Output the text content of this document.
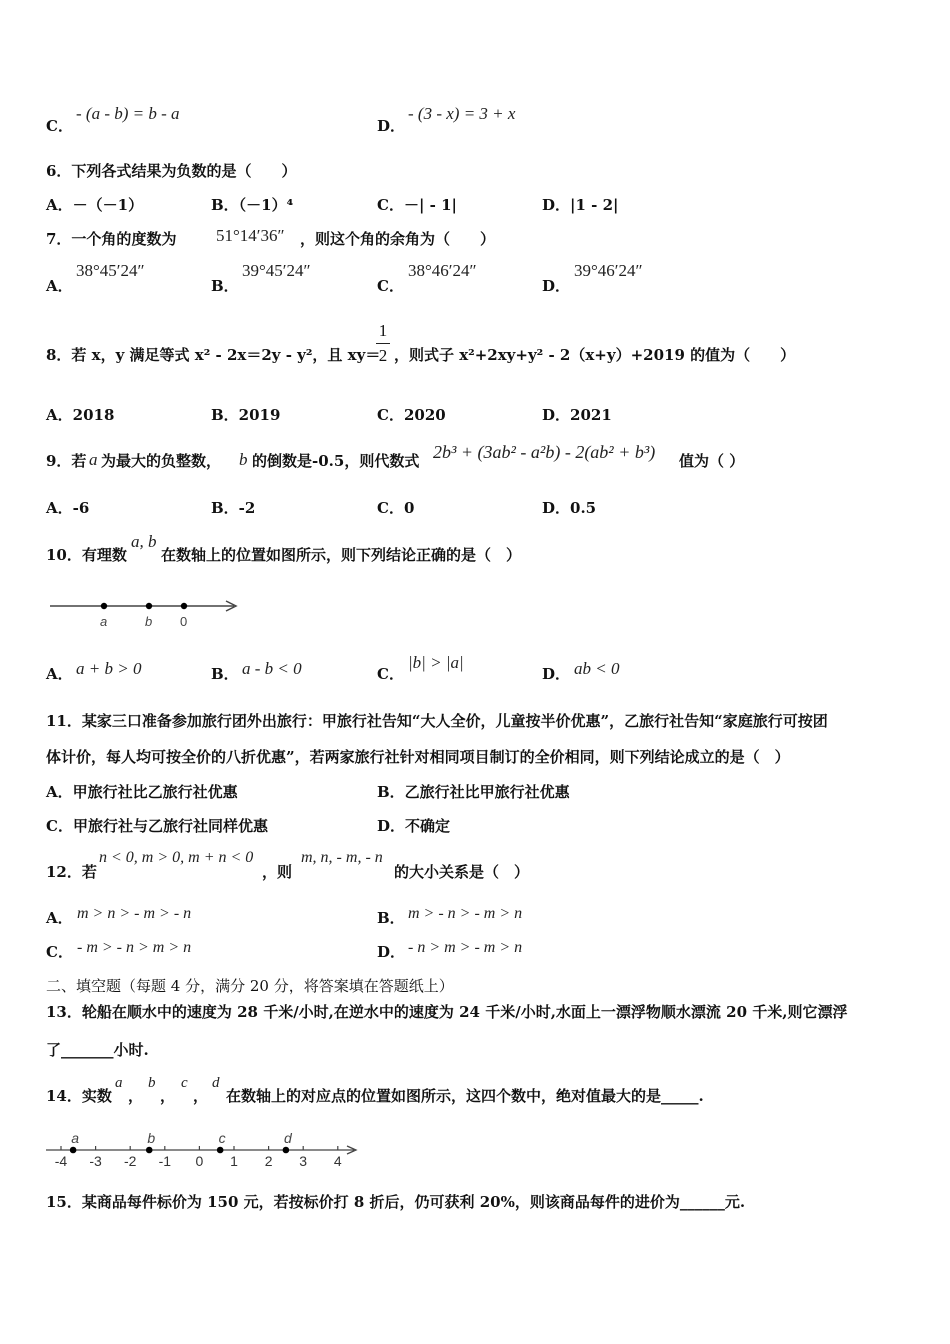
C．
- (a - b) = b - a
D．
- (3 - x) = 3 + x
6．下列各式结果为负数的是（　　）
A．－（－1）	B．（－1）⁴	C．－| - 1|	D．|1 - 2|
7．一个角的度数为 51°14′36″ ，则这个角的余角为（　　）
A．
38°45′24″
B．
39°45′24″
C．
38°46′24″
D．
39°46′24″
8．若 x，y 满足等式 x² - 2x＝2y - y²，且 xy＝
1
2 ，则式子 x²+2xy+y² - 2（x+y）+2019 的值为（　　）
A．2018	B．2019	C．2020	D．2021
9．若 a 为最大的负整数， b 的倒数是-0.5，则代数式 2b³ + (3ab² - a²b) - 2(ab² + b³) 值为（ ）
A．-6	B．-2	C．0	D．0.5
10．有理数
a, b
在数轴上的位置如图所示，则下列结论正确的是（　）
a	b 0
A． a + b > 0	B． a - b < 0	C．
|b| > |a|
D． ab < 0
11．某家三口准备参加旅行团外出旅行：甲旅行社告知“大人全价，儿童按半价优惠”，乙旅行社告知“家庭旅行可按团
体计价，每人均可按全价的八折优惠”，若两家旅行社针对相同项目制订的全价相同，则下列结论成立的是（　）
A．甲旅行社比乙旅行社优惠	B．乙旅行社比甲旅行社优惠
C．甲旅行社与乙旅行社同样优惠	D．不确定
12．若
n < 0, m > 0, m + n < 0
，则
m, n, - m, - n
的大小关系是（　）
A． m > n > - m > - n	B． m > - n > - m > n
C． - m > - n > m > n	D． - n > m > - m > n
二、填空题（每题 4 分，满分 20 分，将答案填在答题纸上）
13．轮船在顺水中的速度为 28 千米/小时,在逆水中的速度为 24 千米/小时,水面上一漂浮物顺水漂流 20 千米,则它漂浮
了_______小时.
14．实数
a
，
b
，
c
，
d
在数轴上的对应点的位置如图所示，这四个数中，绝对值最大的是_____.
-4 -3 -2 -1 0 1 2 3 4
a	b	c	d
15．某商品每件标价为 150 元，若按标价打 8 折后，仍可获利 20%，则该商品每件的进价为______元.
